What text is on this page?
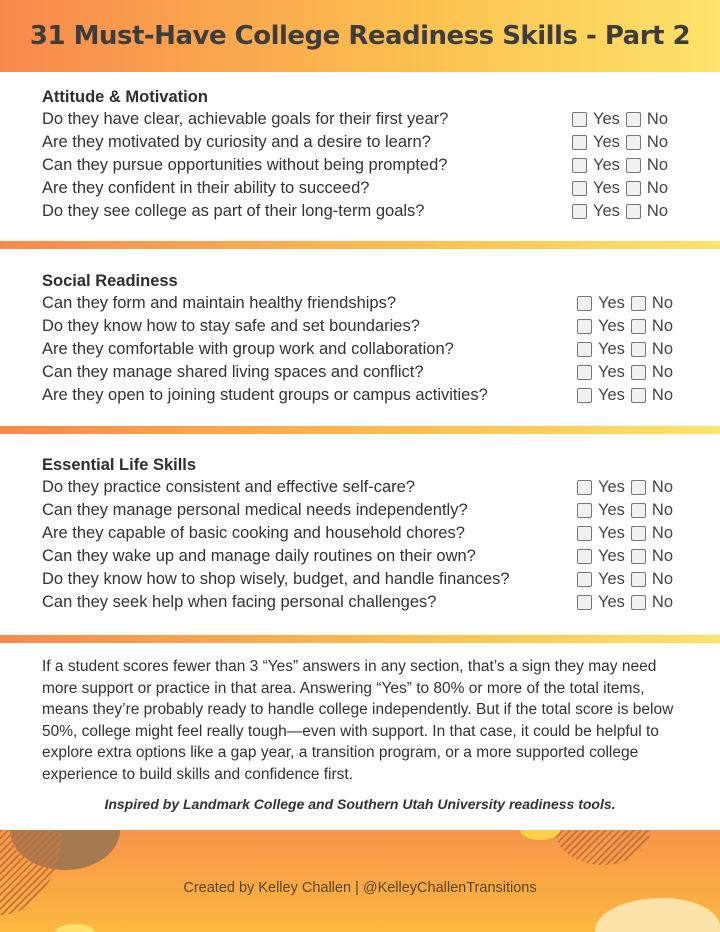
31 Must-Have College Readiness Skills - Part 2
Attitude & Motivation
Do they have clear, achievable goals for their first year?	Yes No
Are they motivated by curiosity and a desire to learn?	Yes No
Can they pursue opportunities without being prompted?	Yes No
Are they confident in their ability to succeed?	Yes No
Do they see college as part of their long-term goals?	Yes No
Social Readiness
Can they form and maintain healthy friendships?	Yes No
Do they know how to stay safe and set boundaries?	Yes No
Are they comfortable with group work and collaboration?	Yes No
Can they manage shared living spaces and conflict?	Yes No
Are they open to joining student groups or campus activities?	Yes No
Essential Life Skills
Do they practice consistent and effective self-care?	Yes No
Can they manage personal medical needs independently?	Yes No
Are they capable of basic cooking and household chores?	Yes No
Can they wake up and manage daily routines on their own?	Yes No
Do they know how to shop wisely, budget, and handle finances?	Yes No
Can they seek help when facing personal challenges?	Yes No

If a student scores fewer than 3 “Yes” answers in any section, that’s a sign they may need more support or practice in that area. Answering “Yes” to 80% or more of the total items, means they’re probably ready to handle college independently. But if the total score is below 50%, college might feel really tough—even with support. In that case, it could be helpful to explore extra options like a gap year, a transition program, or a more supported college experience to build skills and confidence first.

Inspired by Landmark College and Southern Utah University readiness tools.

Created by Kelley Challen | @KelleyChallenTransitions
